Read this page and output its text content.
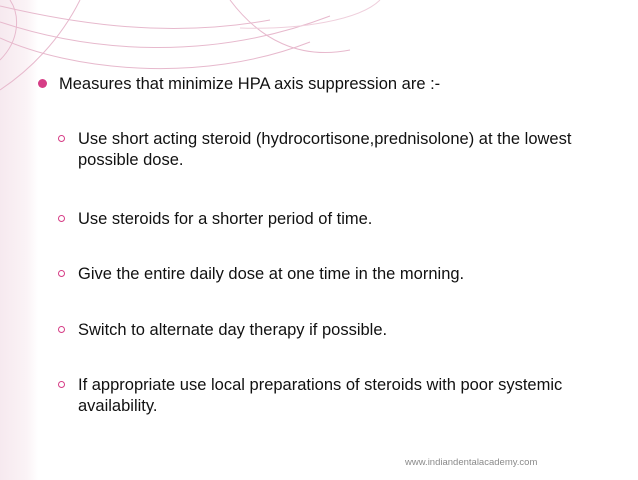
Measures that minimize HPA axis suppression are :-
Use short acting steroid (hydrocortisone,prednisolone) at the lowest possible dose.
Use steroids for a shorter period of time.
Give the entire daily dose at one time in the morning.
Switch to alternate day therapy if possible.
If appropriate use local preparations of steroids with poor systemic availability.
www.indiandentalacademy.com
